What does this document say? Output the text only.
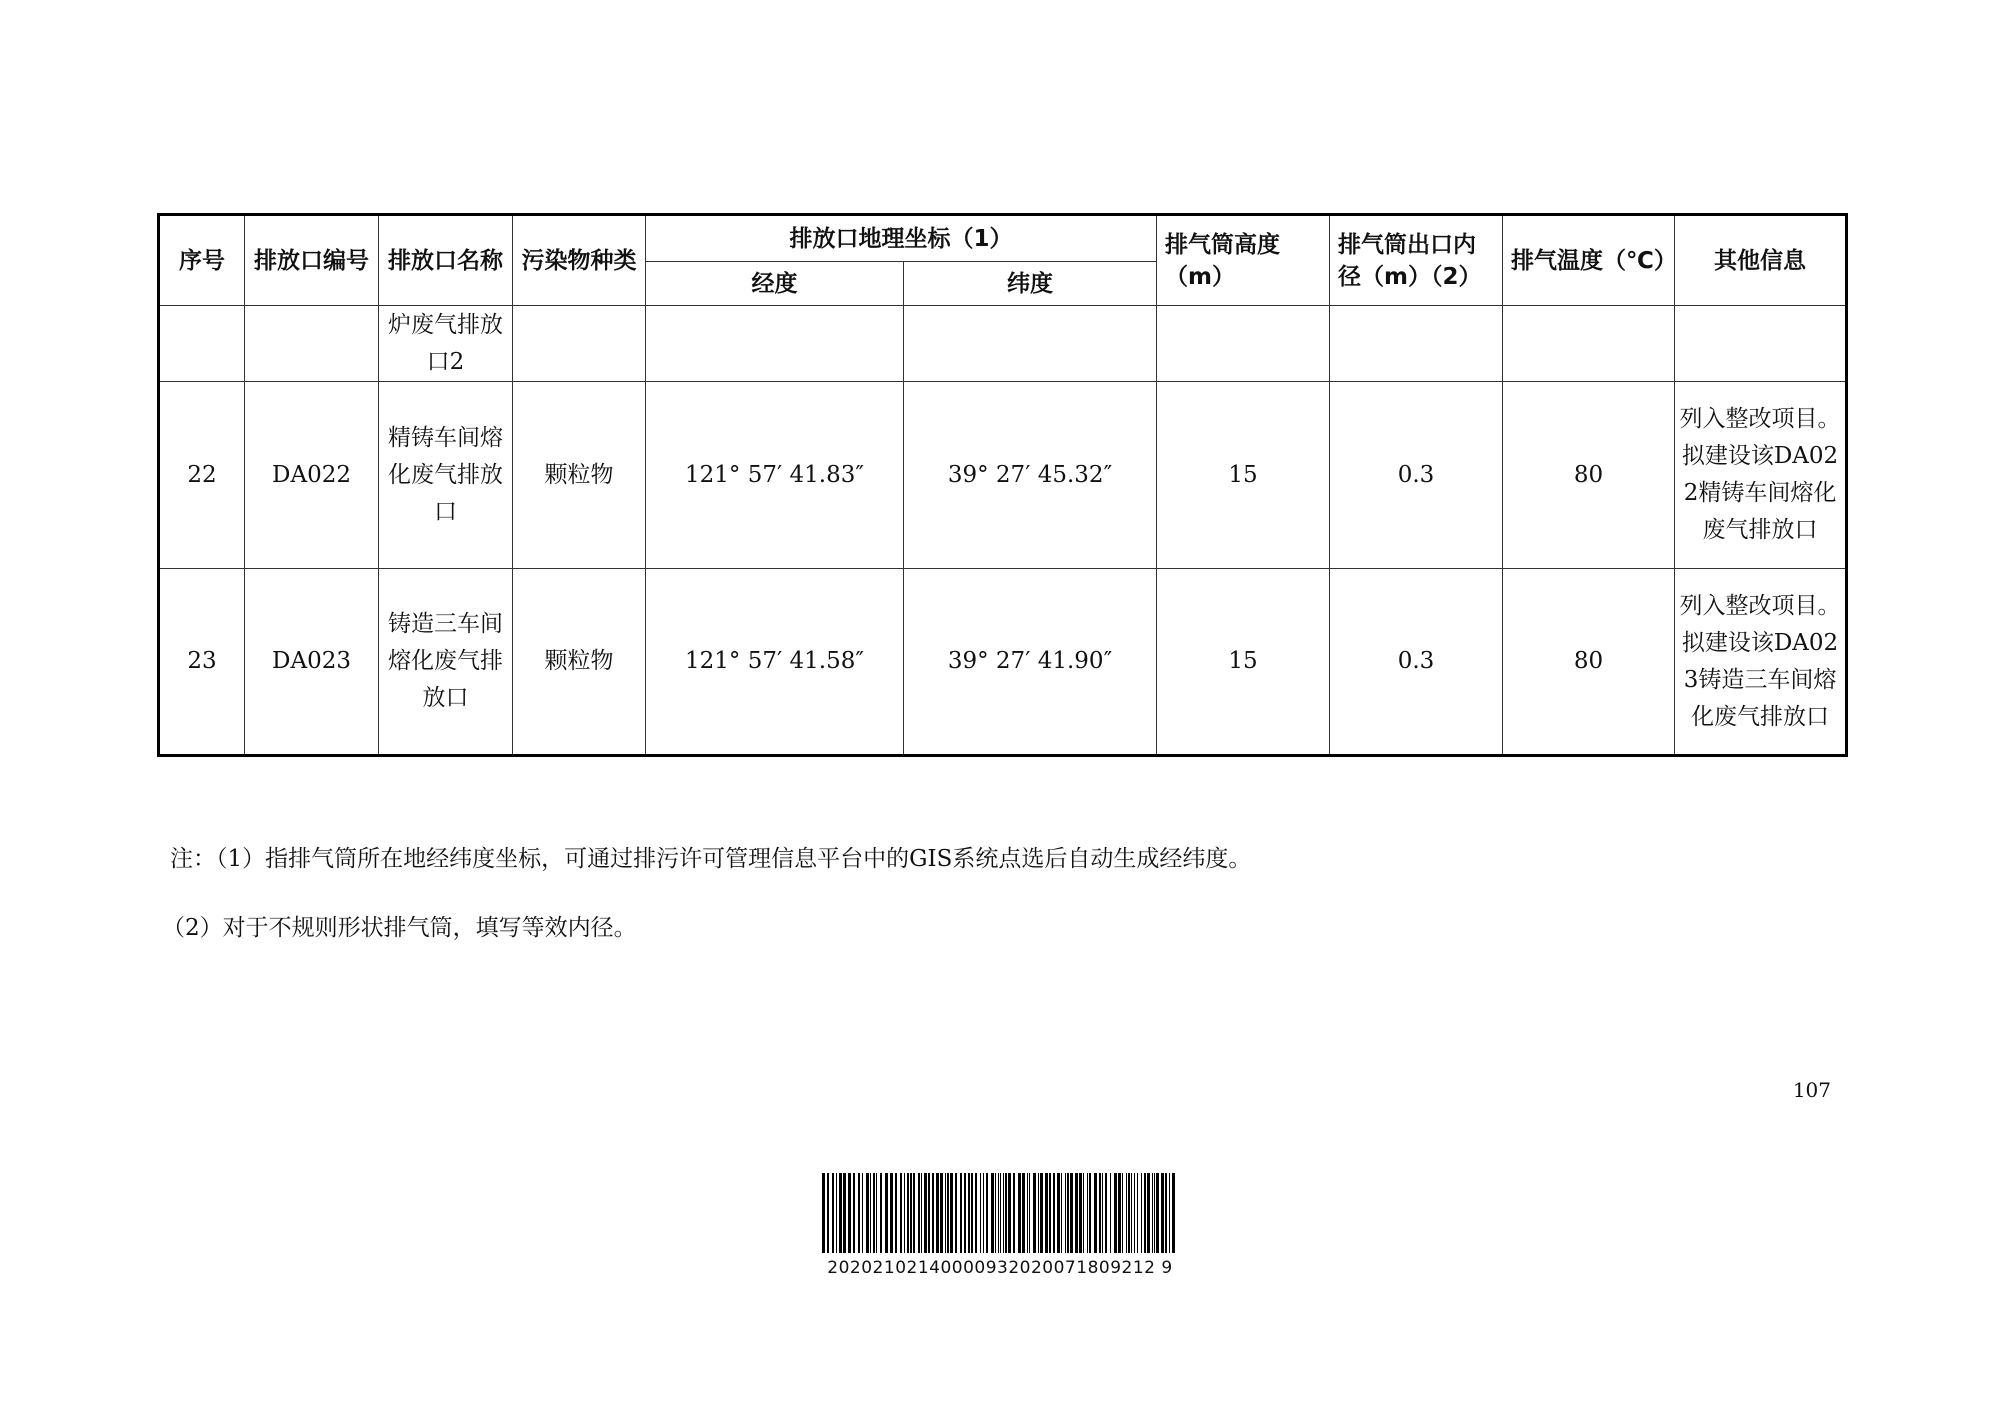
序号	排放口编号	排放口名称	污染物种类	排放口地理坐标（1）		排气筒高度（m）	排气筒出口内径（m）（2）	排气温度（℃）	其他信息
				经度	纬度				
		炉废气排放口2							
22	DA022	精铸车间熔化废气排放口	颗粒物	121° 57′ 41.83″	39° 27′ 45.32″	15	0.3	80	列入整改项目。拟建设该DA022精铸车间熔化废气排放口
23	DA023	铸造三车间熔化废气排放口	颗粒物	121° 57′ 41.58″	39° 27′ 41.90″	15	0.3	80	列入整改项目。拟建设该DA023铸造三车间熔化废气排放口
注：（1）指排气筒所在地经纬度坐标，可通过排污许可管理信息平台中的GIS系统点选后自动生成经纬度。
（2）对于不规则形状排气筒，填写等效内径。
107
20202102140000932020071809212 9
